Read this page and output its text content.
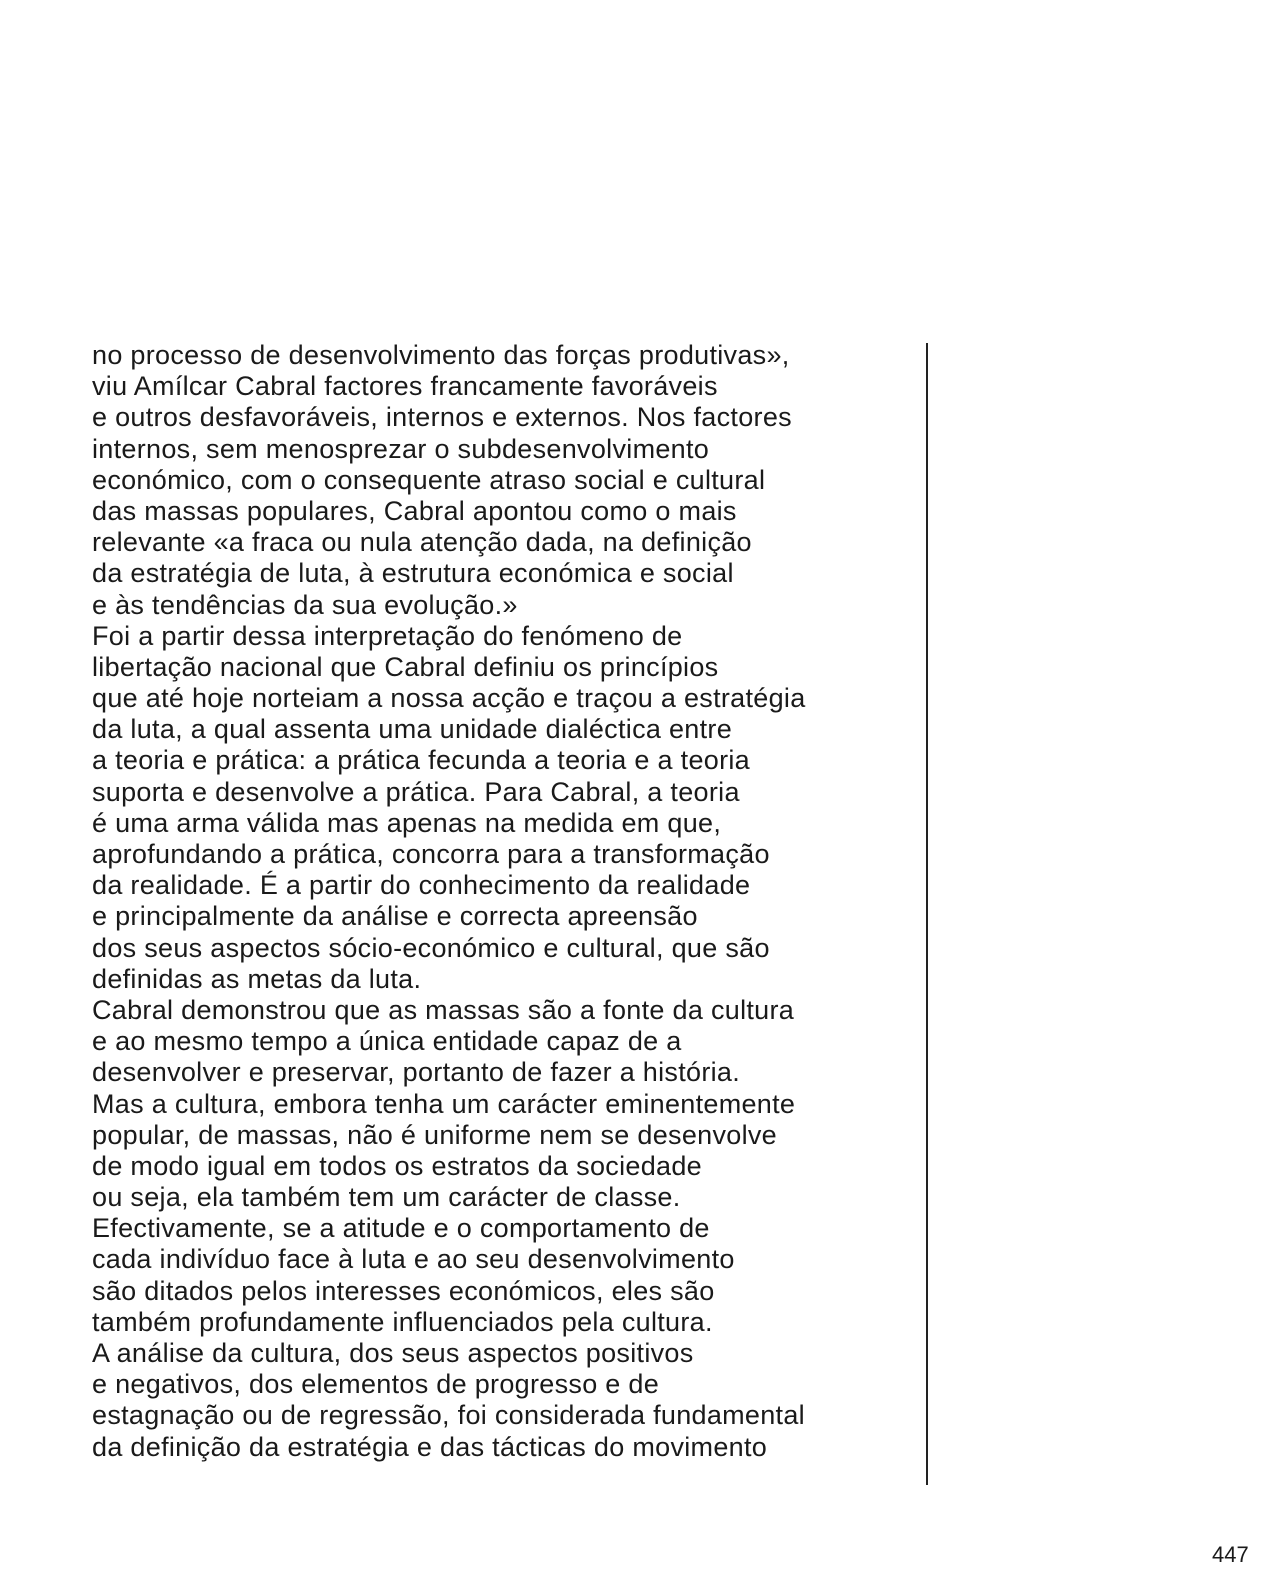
no processo de desenvolvimento das forças produtivas»,
viu Amílcar Cabral factores francamente favoráveis
e outros desfavoráveis, internos e externos. Nos factores
internos, sem menosprezar o subdesenvolvimento
económico, com o consequente atraso social e cultural
das massas populares, Cabral apontou como o mais
relevante «a fraca ou nula atenção dada, na definição
da estratégia de luta, à estrutura económica e social
e às tendências da sua evolução.»
Foi a partir dessa interpretação do fenómeno de
libertação nacional que Cabral definiu os princípios
que até hoje norteiam a nossa acção e traçou a estratégia
da luta, a qual assenta uma unidade dialéctica entre
a teoria e prática: a prática fecunda a teoria e a teoria
suporta e desenvolve a prática. Para Cabral, a teoria
é uma arma válida mas apenas na medida em que,
aprofundando a prática, concorra para a transformação
da realidade. É a partir do conhecimento da realidade
e principalmente da análise e correcta apreensão
dos seus aspectos sócio-económico e cultural, que são
definidas as metas da luta.
Cabral demonstrou que as massas são a fonte da cultura
e ao mesmo tempo a única entidade capaz de a
desenvolver e preservar, portanto de fazer a história.
Mas a cultura, embora tenha um carácter eminentemente
popular, de massas, não é uniforme nem se desenvolve
de modo igual em todos os estratos da sociedade
ou seja, ela também tem um carácter de classe.
Efectivamente, se a atitude e o comportamento de
cada indivíduo face à luta e ao seu desenvolvimento
são ditados pelos interesses económicos, eles são
também profundamente influenciados pela cultura.
A análise da cultura, dos seus aspectos positivos
e negativos, dos elementos de progresso e de
estagnação ou de regressão, foi considerada fundamental
da definição da estratégia e das tácticas do movimento
447
